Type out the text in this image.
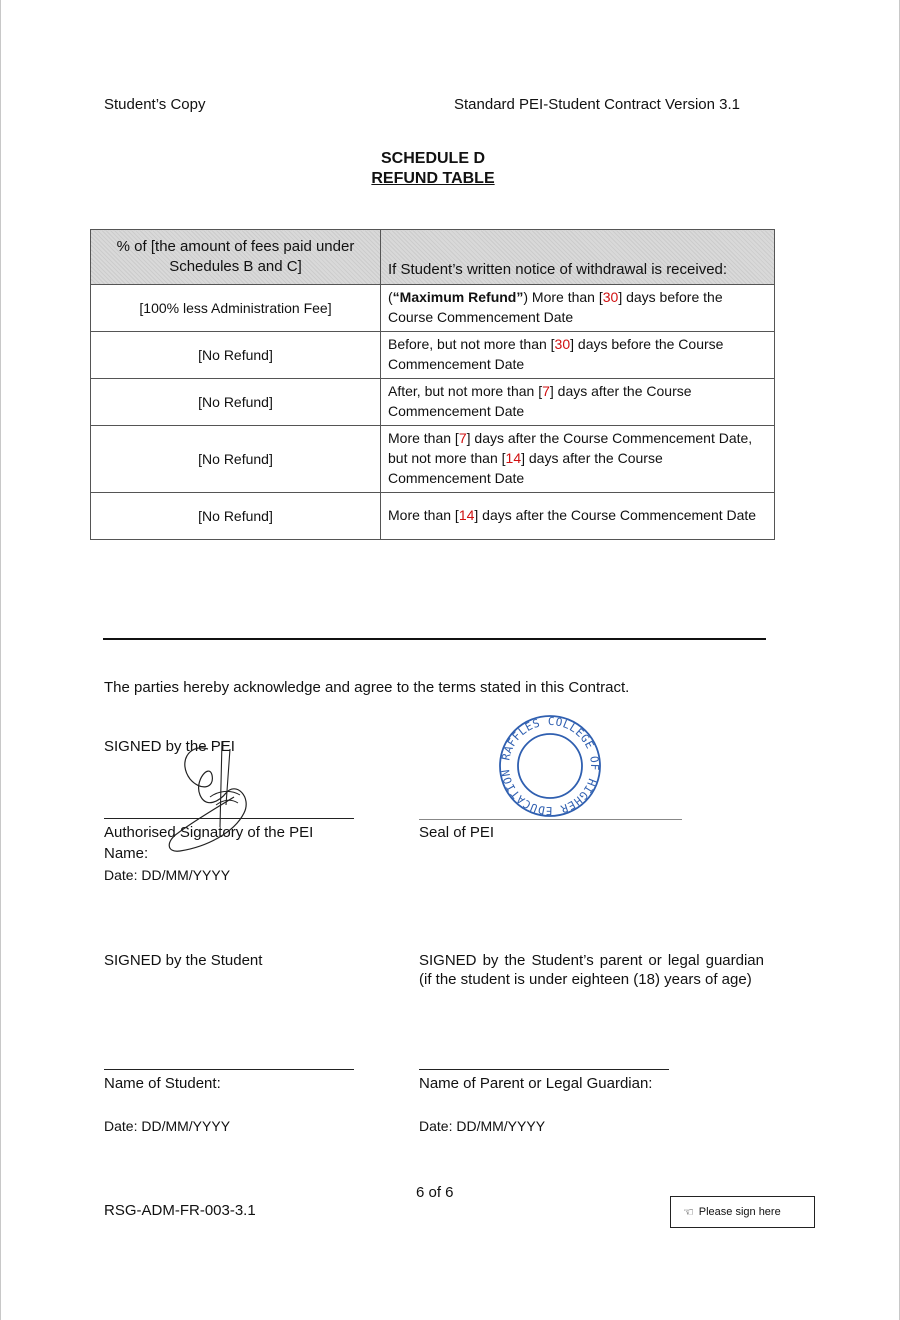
Student’s Copy	Standard PEI-Student Contract Version 3.1
SCHEDULE D
REFUND TABLE
% of [the amount of fees paid under Schedules B and C]	If Student’s written notice of withdrawal is received:
[100% less Administration Fee]	(“Maximum Refund”) More than [30] days before the Course Commencement Date
[No Refund]	Before, but not more than [30] days before the Course Commencement Date
[No Refund]	After, but not more than [7] days after the Course Commencement Date
[No Refund]	More than [7] days after the Course Commencement Date, but not more than [14] days after the Course Commencement Date
[No Refund]	More than [14] days after the Course Commencement Date
The parties hereby acknowledge and agree to the terms stated in this Contract.
SIGNED by the PEI
Authorised Signatory of the PEI
Name:
Date: DD/MM/YYYY
RAFFLES COLLEGE OF HIGHER EDUCATION
Seal of PEI
SIGNED by the Student
Name of Student:
Date: DD/MM/YYYY
SIGNED by the Student’s parent or legal guardian (if the student is under eighteen (18) years of age)
Name of Parent or Legal Guardian:
Date: DD/MM/YYYY
6 of 6
RSG-ADM-FR-003-3.1	☜ Please sign here
